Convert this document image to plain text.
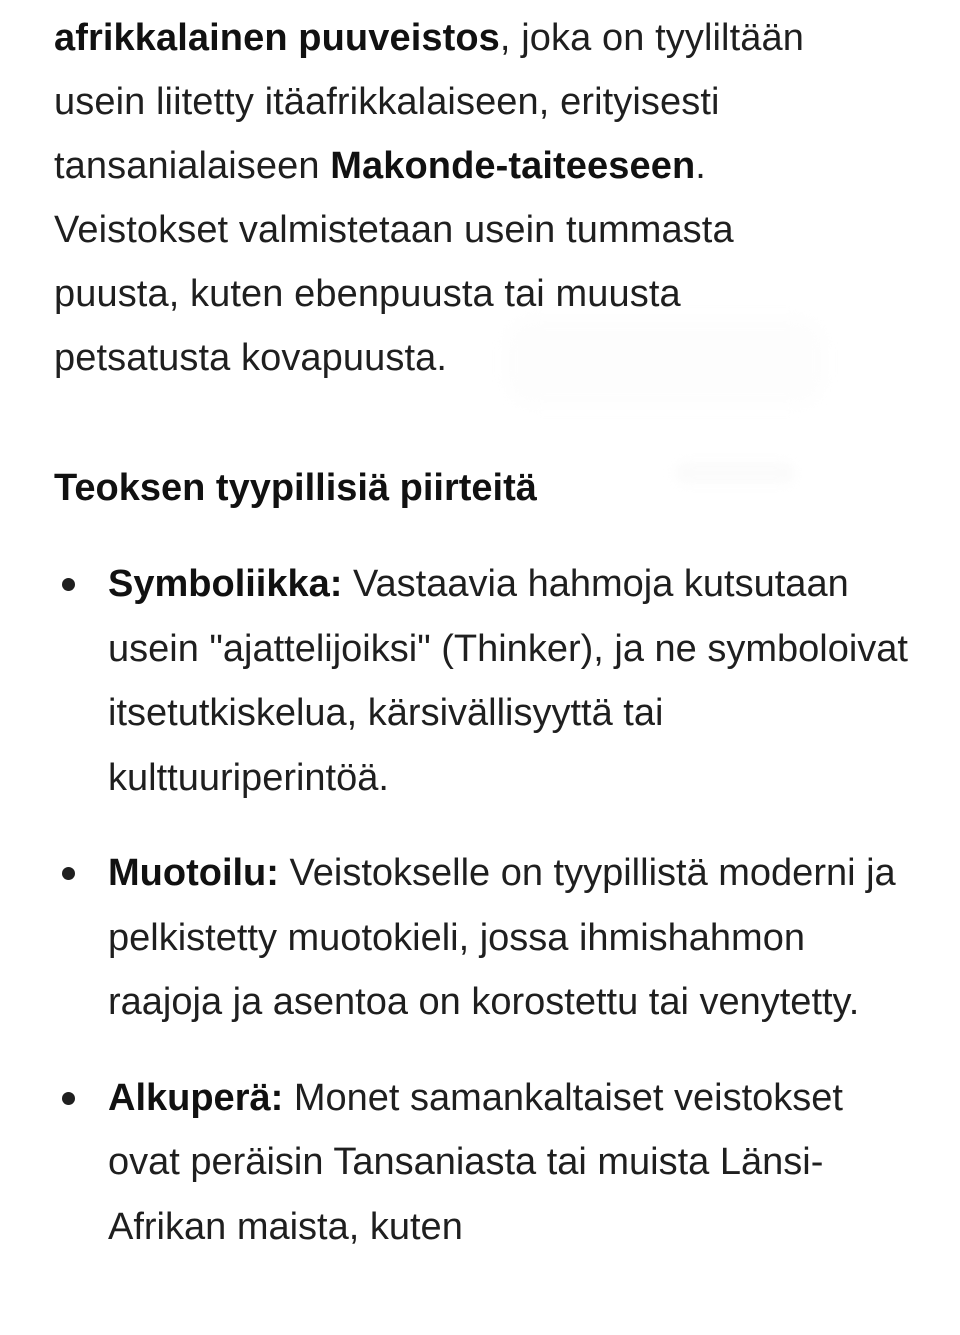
afrikkalainen puuveistos, joka on tyyliltään usein liitetty itäafrikkalaiseen, erityisesti tansanialaiseen Makonde-taiteeseen. Veistokset valmistetaan usein tummasta puusta, kuten ebenpuusta tai muusta petsatusta kovapuusta.

Teoksen tyypillisiä piirteitä
Symboliikka: Vastaavia hahmoja kutsutaan usein "ajattelijoiksi" (Thinker), ja ne symboloivat itsetutkiskelua, kärsivällisyyttä tai kulttuuriperintöä.
Muotoilu: Veistokselle on tyypillistä moderni ja pelkistetty muotokieli, jossa ihmishahmon raajoja ja asentoa on korostettu tai venytetty.
Alkuperä: Monet samankaltaiset veistokset ovat peräisin Tansaniasta tai muista Länsi-Afrikan maista, kuten
